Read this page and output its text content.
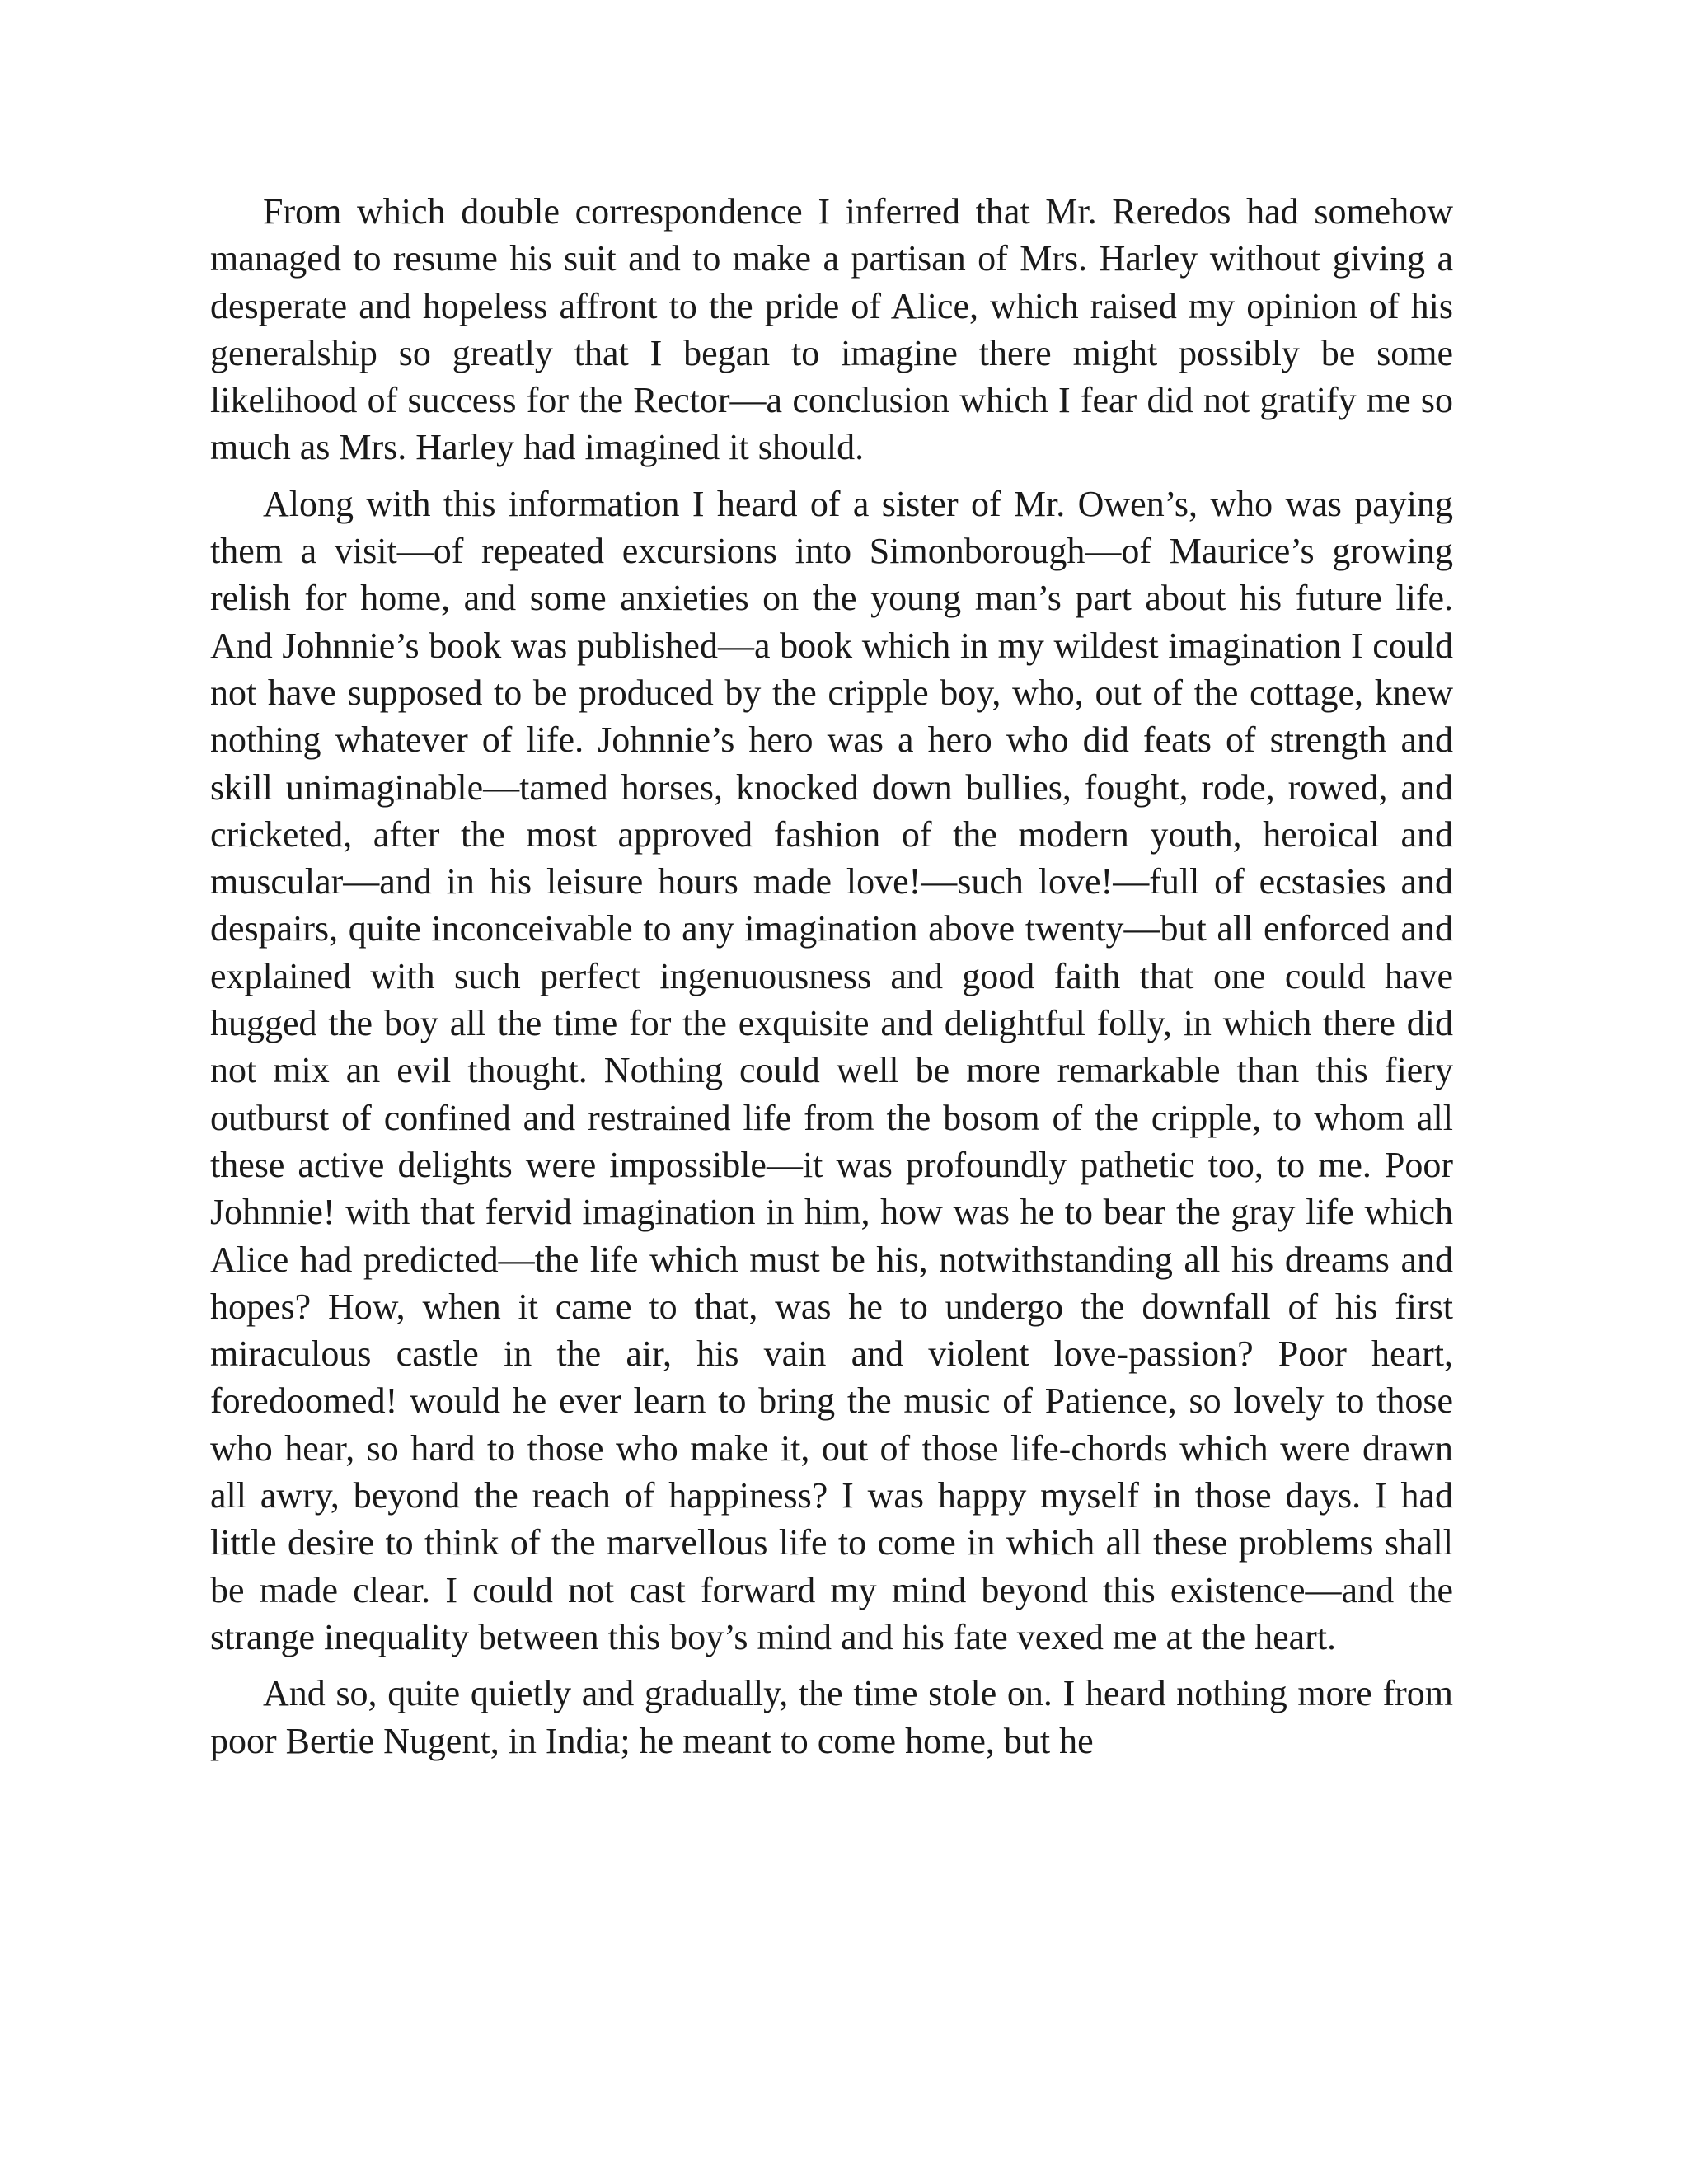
From which double correspondence I inferred that Mr. Reredos had somehow managed to resume his suit and to make a partisan of Mrs. Harley without giving a desperate and hopeless affront to the pride of Alice, which raised my opinion of his generalship so greatly that I began to imagine there might possibly be some likelihood of success for the Rector—a conclusion which I fear did not gratify me so much as Mrs. Harley had imagined it should.

Along with this information I heard of a sister of Mr. Owen’s, who was paying them a visit—of repeated excursions into Simonborough—of Maurice’s growing relish for home, and some anxieties on the young man’s part about his future life. And Johnnie’s book was published—a book which in my wildest imagination I could not have supposed to be produced by the cripple boy, who, out of the cottage, knew nothing whatever of life. Johnnie’s hero was a hero who did feats of strength and skill unimaginable—tamed horses, knocked down bullies, fought, rode, rowed, and cricketed, after the most approved fashion of the modern youth, heroical and muscular—and in his leisure hours made love!—such love!—full of ecstasies and despairs, quite inconceivable to any imagination above twenty—but all enforced and explained with such perfect ingenuousness and good faith that one could have hugged the boy all the time for the exquisite and delightful folly, in which there did not mix an evil thought. Nothing could well be more remarkable than this fiery outburst of confined and restrained life from the bosom of the cripple, to whom all these active delights were impossible—it was profoundly pathetic too, to me. Poor Johnnie! with that fervid imagination in him, how was he to bear the gray life which Alice had predicted—the life which must be his, notwithstanding all his dreams and hopes? How, when it came to that, was he to undergo the downfall of his first miraculous castle in the air, his vain and violent love-passion? Poor heart, foredoomed! would he ever learn to bring the music of Patience, so lovely to those who hear, so hard to those who make it, out of those life-chords which were drawn all awry, beyond the reach of happiness? I was happy myself in those days. I had little desire to think of the marvellous life to come in which all these problems shall be made clear. I could not cast forward my mind beyond this existence—and the strange inequality between this boy’s mind and his fate vexed me at the heart.

And so, quite quietly and gradually, the time stole on. I heard nothing more from poor Bertie Nugent, in India; he meant to come home, but he
